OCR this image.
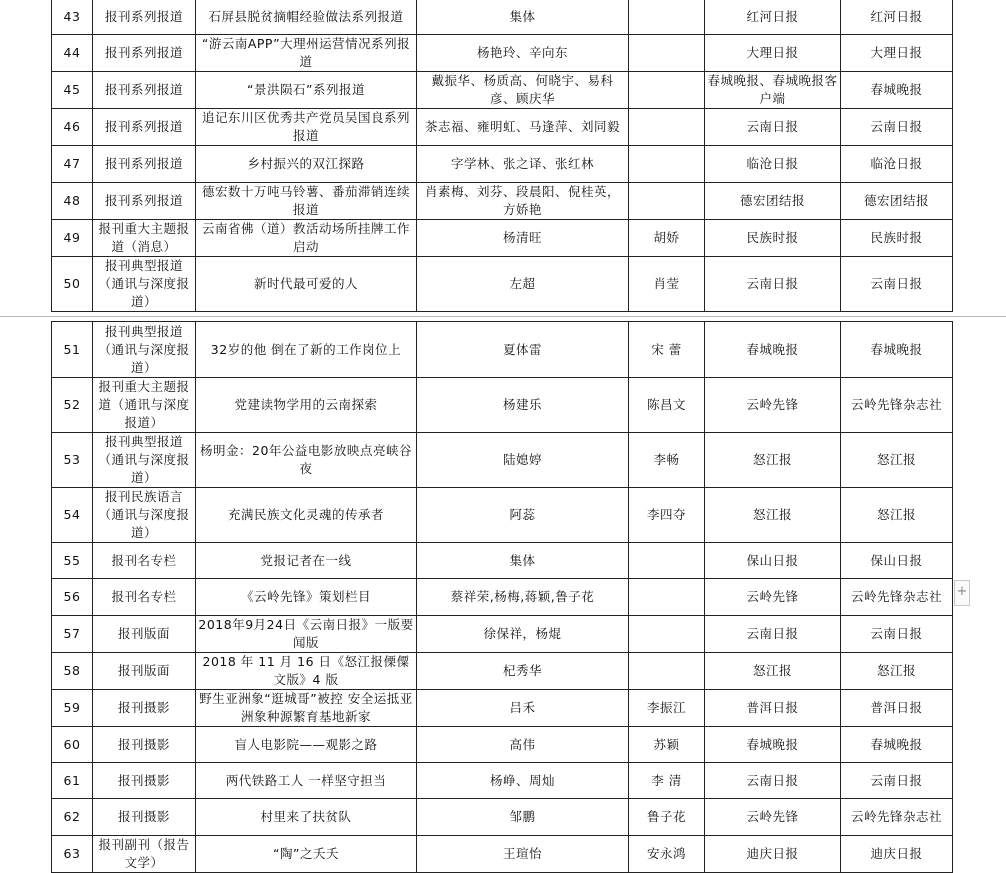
43	报刊系列报道	石屏县脱贫摘帽经验做法系列报道	集体		红河日报	红河日报
44	报刊系列报道	“游云南APP”大理州运营情况系列报道	杨艳玲、辛向东		大理日报	大理日报
45	报刊系列报道	“景洪陨石”系列报道	戴振华、杨质高、何晓宇、易科彦、顾庆华		春城晚报、春城晚报客户端	春城晚报
46	报刊系列报道	追记东川区优秀共产党员吴国良系列报道	茶志福、雍明虹、马逢萍、刘同毅		云南日报	云南日报
47	报刊系列报道	乡村振兴的双江探路	字学林、张之译、张红林		临沧日报	临沧日报
48	报刊系列报道	德宏数十万吨马铃薯、番茄滞销连续报道	肖素梅、刘芬、段晨阳、倪桂英，方娇艳		德宏团结报	德宏团结报
49	报刊重大主题报道（消息）	云南省佛（道）教活动场所挂牌工作启动	杨清旺	胡娇	民族时报	民族时报
50	报刊典型报道（通讯与深度报道）	新时代最可爱的人	左超	肖莹	云南日报	云南日报
51	报刊典型报道（通讯与深度报道）	32岁的他 倒在了新的工作岗位上	夏体雷	宋 蕾	春城晚报	春城晚报
52	报刊重大主题报道（通讯与深度报道）	党建读物学用的云南探索	杨建乐	陈昌文	云岭先锋	云岭先锋杂志社
53	报刊典型报道（通讯与深度报道）	杨明金：20年公益电影放映点亮峡谷夜	陆媳婷	李畅	怒江报	怒江报
54	报刊民族语言（通讯与深度报道）	充满民族文化灵魂的传承者	阿蕊	李四夺	怒江报	怒江报
55	报刊名专栏	党报记者在一线	集体		保山日报	保山日报
56	报刊名专栏	《云岭先锋》策划栏目	蔡祥荣,杨梅,蒋颖,鲁子花		云岭先锋	云岭先锋杂志社
57	报刊版面	2018年9月24日《云南日报》一版要闻版	徐保祥，杨焜		云南日报	云南日报
58	报刊版面	2018 年 11 月 16 日《怒江报傈僳文版》4 版	杞秀华		怒江报	怒江报
59	报刊摄影	野生亚洲象“逛城哥”被控 安全运抵亚洲象种源繁育基地新家	吕禾	李振江	普洱日报	普洱日报
60	报刊摄影	盲人电影院——观影之路	高伟	苏颖	春城晚报	春城晚报
61	报刊摄影	两代铁路工人 一样坚守担当	杨峥、周灿	李 清	云南日报	云南日报
62	报刊摄影	村里来了扶贫队	邹鹏	鲁子花	云岭先锋	云岭先锋杂志社
63	报刊副刊（报告文学）	“陶”之夭夭	王瑄怡	安永鸿	迪庆日报	迪庆日报
+
